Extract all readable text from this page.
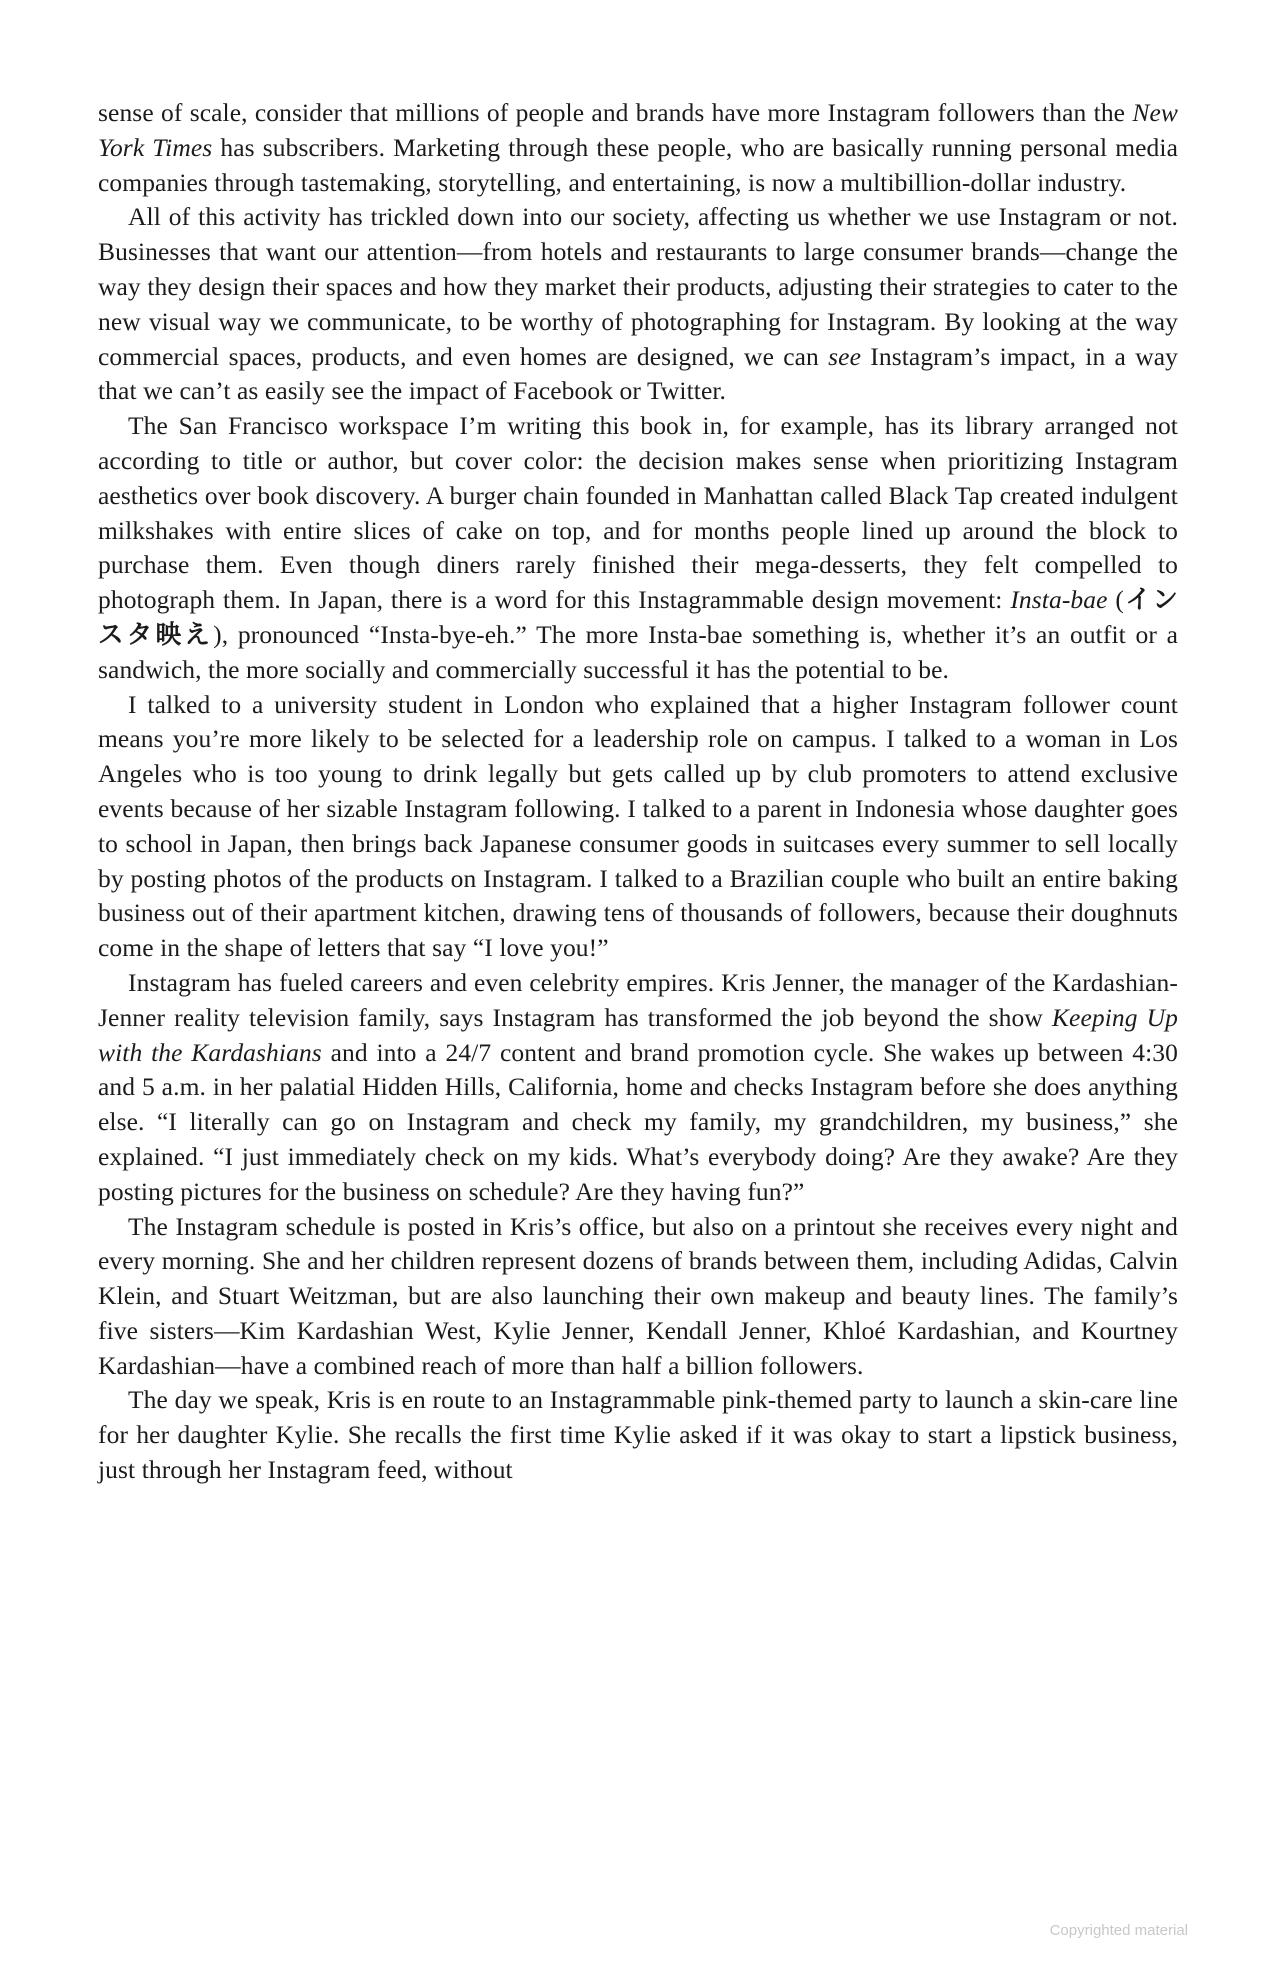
sense of scale, consider that millions of people and brands have more Instagram followers than the New York Times has subscribers. Marketing through these people, who are basically running personal media companies through tastemaking, storytelling, and entertaining, is now a multibillion-dollar industry.

All of this activity has trickled down into our society, affecting us whether we use Instagram or not. Businesses that want our attention—from hotels and restaurants to large consumer brands—change the way they design their spaces and how they market their products, adjusting their strategies to cater to the new visual way we communicate, to be worthy of photographing for Instagram. By looking at the way commercial spaces, products, and even homes are designed, we can see Instagram’s impact, in a way that we can’t as easily see the impact of Facebook or Twitter.

The San Francisco workspace I’m writing this book in, for example, has its library arranged not according to title or author, but cover color: the decision makes sense when prioritizing Instagram aesthetics over book discovery. A burger chain founded in Manhattan called Black Tap created indulgent milkshakes with entire slices of cake on top, and for months people lined up around the block to purchase them. Even though diners rarely finished their mega-desserts, they felt compelled to photograph them. In Japan, there is a word for this Instagrammable design movement: Insta-bae (インスタ映え), pronounced “Insta-bye-eh.” The more Insta-bae something is, whether it’s an outfit or a sandwich, the more socially and commercially successful it has the potential to be.

I talked to a university student in London who explained that a higher Instagram follower count means you’re more likely to be selected for a leadership role on campus. I talked to a woman in Los Angeles who is too young to drink legally but gets called up by club promoters to attend exclusive events because of her sizable Instagram following. I talked to a parent in Indonesia whose daughter goes to school in Japan, then brings back Japanese consumer goods in suitcases every summer to sell locally by posting photos of the products on Instagram. I talked to a Brazilian couple who built an entire baking business out of their apartment kitchen, drawing tens of thousands of followers, because their doughnuts come in the shape of letters that say “I love you!”

Instagram has fueled careers and even celebrity empires. Kris Jenner, the manager of the Kardashian-Jenner reality television family, says Instagram has transformed the job beyond the show Keeping Up with the Kardashians and into a 24/7 content and brand promotion cycle. She wakes up between 4:30 and 5 a.m. in her palatial Hidden Hills, California, home and checks Instagram before she does anything else. “I literally can go on Instagram and check my family, my grandchildren, my business,” she explained. “I just immediately check on my kids. What’s everybody doing? Are they awake? Are they posting pictures for the business on schedule? Are they having fun?”

The Instagram schedule is posted in Kris’s office, but also on a printout she receives every night and every morning. She and her children represent dozens of brands between them, including Adidas, Calvin Klein, and Stuart Weitzman, but are also launching their own makeup and beauty lines. The family’s five sisters—Kim Kardashian West, Kylie Jenner, Kendall Jenner, Khloé Kardashian, and Kourtney Kardashian—have a combined reach of more than half a billion followers.

The day we speak, Kris is en route to an Instagrammable pink-themed party to launch a skin-care line for her daughter Kylie. She recalls the first time Kylie asked if it was okay to start a lipstick business, just through her Instagram feed, without

Copyrighted material
